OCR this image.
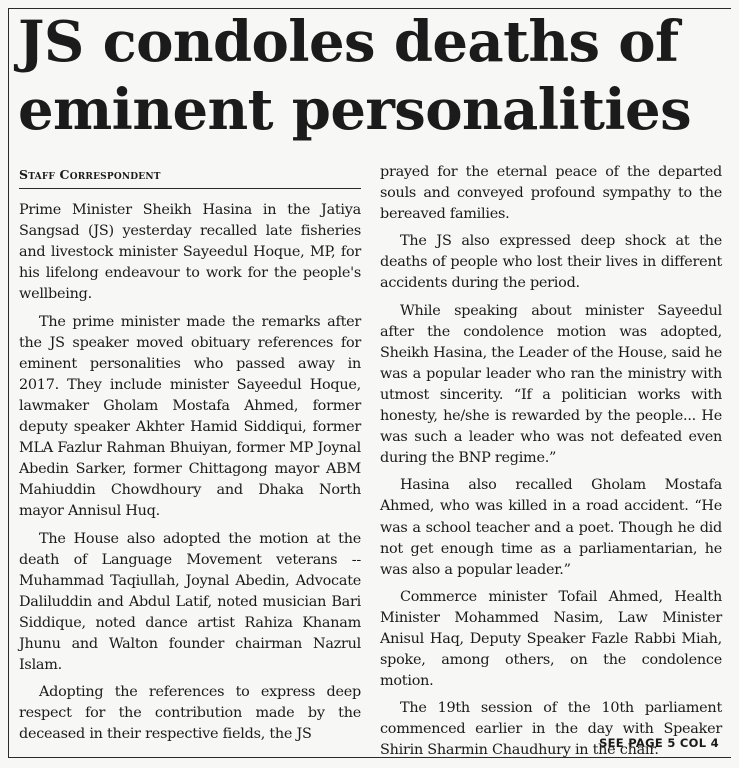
JS condoles deaths of eminent personalities
Staff Correspondent

Prime Minister Sheikh Hasina in the Jatiya Sangsad (JS) yesterday recalled late fisheries and livestock minister Sayeedul Hoque, MP, for his lifelong endeavour to work for the people's wellbeing.

The prime minister made the remarks after the JS speaker moved obituary references for eminent personalities who passed away in 2017. They include minister Sayeedul Hoque, lawmaker Gholam Mostafa Ahmed, former deputy speaker Akhter Hamid Siddiqui, former MLA Fazlur Rahman Bhuiyan, former MP Joynal Abedin Sarker, former Chittagong mayor ABM Mahiuddin Chowdhoury and Dhaka North mayor Annisul Huq.

The House also adopted the motion at the death of Language Movement veterans -- Muhammad Taqiullah, Joynal Abedin, Advocate Daliluddin and Abdul Latif, noted musician Bari Siddique, noted dance artist Rahiza Khanam Jhunu and Walton founder chairman Nazrul Islam.

Adopting the references to express deep respect for the contribution made by the deceased in their respective fields, the JS

prayed for the eternal peace of the departed souls and conveyed profound sympathy to the bereaved families.

The JS also expressed deep shock at the deaths of people who lost their lives in different accidents during the period.

While speaking about minister Sayeedul after the condolence motion was adopted, Sheikh Hasina, the Leader of the House, said he was a popular leader who ran the ministry with utmost sincerity. “If a politician works with honesty, he/she is rewarded by the people... He was such a leader who was not defeated even during the BNP regime.”

Hasina also recalled Gholam Mostafa Ahmed, who was killed in a road accident. “He was a school teacher and a poet. Though he did not get enough time as a parliamentarian, he was also a popular leader.”

Commerce minister Tofail Ahmed, Health Minister Mohammed Nasim, Law Minister Anisul Haq, Deputy Speaker Fazle Rabbi Miah, spoke, among others, on the condolence motion.

The 19th session of the 10th parliament commenced earlier in the day with Speaker Shirin Sharmin Chaudhury in the chair.

SEE PAGE 5 COL 4
